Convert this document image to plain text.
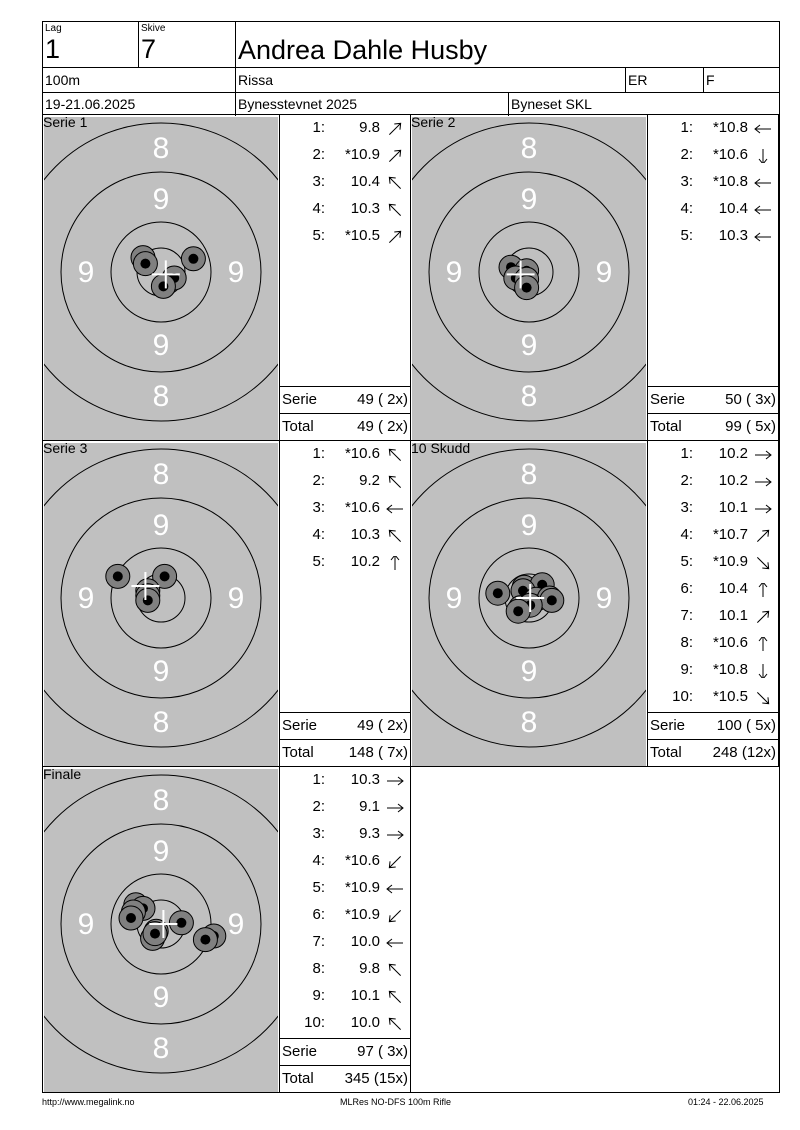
Lag
1
Skive
7	Andrea Dahle Husby
100m	Rissa	ER	F
19-21.06.2025	Bynesstevnet 2025	Byneset SKL
8
9
9	9
9
8
Serie 1	1:	9.8
2:	*10.9
3:	10.4
4:	10.3
5:	*10.5
Serie	49 ( 2x)
Total	49 ( 2x)
8
9
9	9
9
8
Serie 2	1:	*10.8
2:	*10.6
3:	*10.8
4:	10.4
5:	10.3
Serie	50 ( 3x)
Total	99 ( 5x)
8
9
9	9
9
8
Serie 3	1:	*10.6
2:	9.2
3:	*10.6
4:	10.3
5:	10.2
Serie	49 ( 2x)
Total 148 ( 7x)
8
9
9	9
9
8
10 Skudd	1:	10.2
2:	10.2
3:	10.1
4:	*10.7
5:	*10.9
6:	10.4
7:	10.1
8:	*10.6
9:	*10.8
10:	*10.5
Serie 100 ( 5x)
Total 248 (12x)
8
9
9	9
9
8
Finale	1:	10.3
2:	9.1
3:	9.3
4:	*10.6
5:	*10.9
6:	*10.9
7:	10.0
8:	9.8
9:	10.1
10:	10.0
Serie	97 ( 3x)
Total 345 (15x)
http://www.megalink.no	MLRes NO-DFS 100m Rifle	01:24 - 22.06.2025
